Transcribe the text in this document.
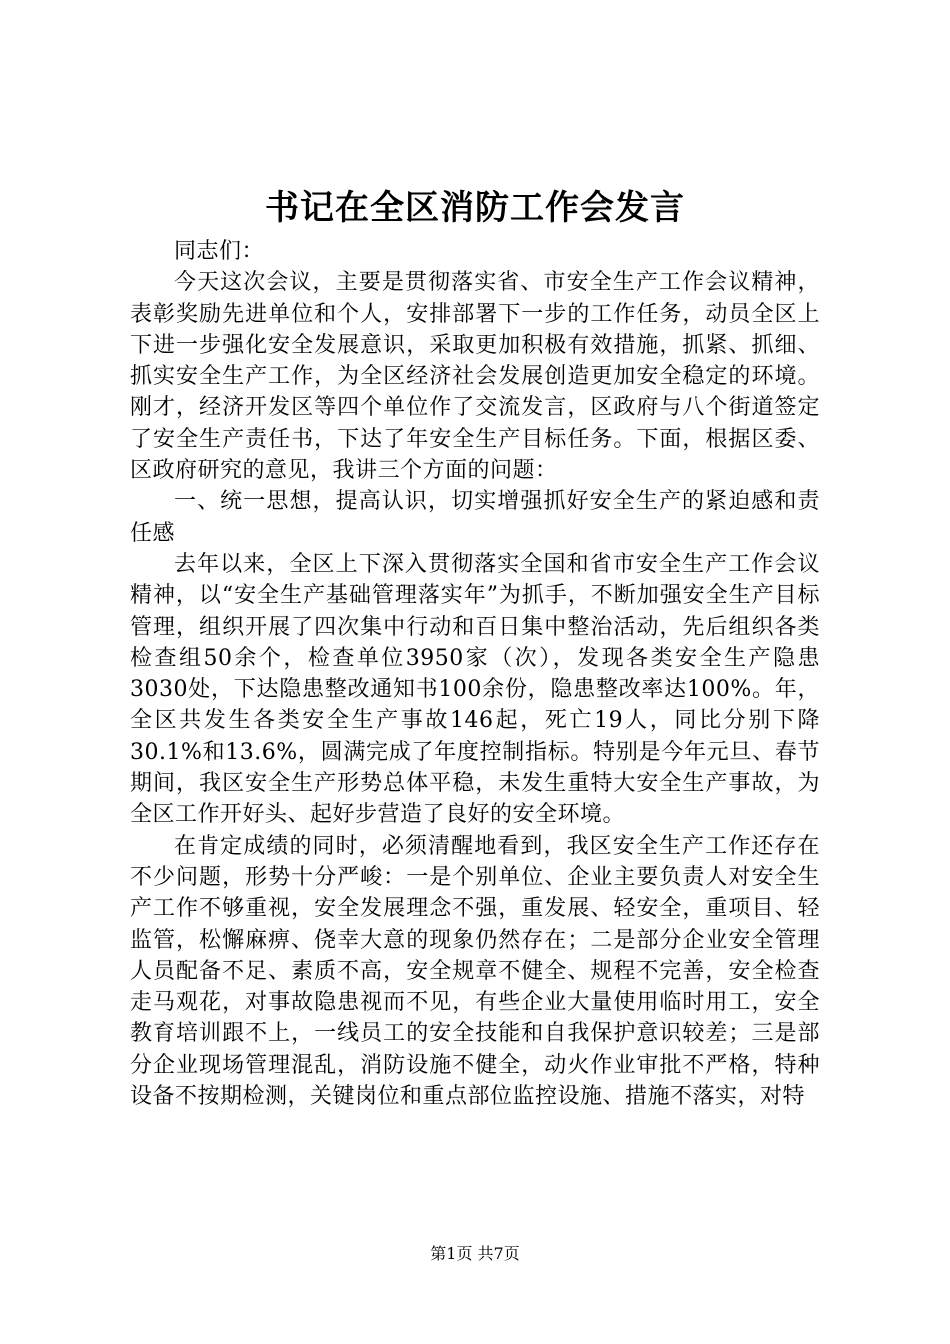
书记在全区消防工作会发言

同志们：

今天这次会议，主要是贯彻落实省、市安全生产工作会议精神，表彰奖励先进单位和个人，安排部署下一步的工作任务，动员全区上下进一步强化安全发展意识，采取更加积极有效措施，抓紧、抓细、抓实安全生产工作，为全区经济社会发展创造更加安全稳定的环境。刚才，经济开发区等四个单位作了交流发言，区政府与八个街道签定了安全生产责任书，下达了年安全生产目标任务。下面，根据区委、区政府研究的意见，我讲三个方面的问题：

一、统一思想，提高认识，切实增强抓好安全生产的紧迫感和责任感

去年以来，全区上下深入贯彻落实全国和省市安全生产工作会议精神，以“安全生产基础管理落实年”为抓手，不断加强安全生产目标管理，组织开展了四次集中行动和百日集中整治活动，先后组织各类检查组50余个，检查单位3950家（次），发现各类安全生产隐患3030处，下达隐患整改通知书100余份，隐患整改率达100%。年，全区共发生各类安全生产事故146起，死亡19人，同比分别下降30.1%和13.6%，圆满完成了年度控制指标。特别是今年元旦、春节期间，我区安全生产形势总体平稳，未发生重特大安全生产事故，为全区工作开好头、起好步营造了良好的安全环境。

在肯定成绩的同时，必须清醒地看到，我区安全生产工作还存在不少问题，形势十分严峻：一是个别单位、企业主要负责人对安全生产工作不够重视，安全发展理念不强，重发展、轻安全，重项目、轻监管，松懈麻痹、侥幸大意的现象仍然存在；二是部分企业安全管理人员配备不足、素质不高，安全规章不健全、规程不完善，安全检查走马观花，对事故隐患视而不见，有些企业大量使用临时用工，安全教育培训跟不上，一线员工的安全技能和自我保护意识较差；三是部分企业现场管理混乱，消防设施不健全，动火作业审批不严格，特种设备不按期检测，关键岗位和重点部位监控设施、措施不落实，对特

第1页 共7页
